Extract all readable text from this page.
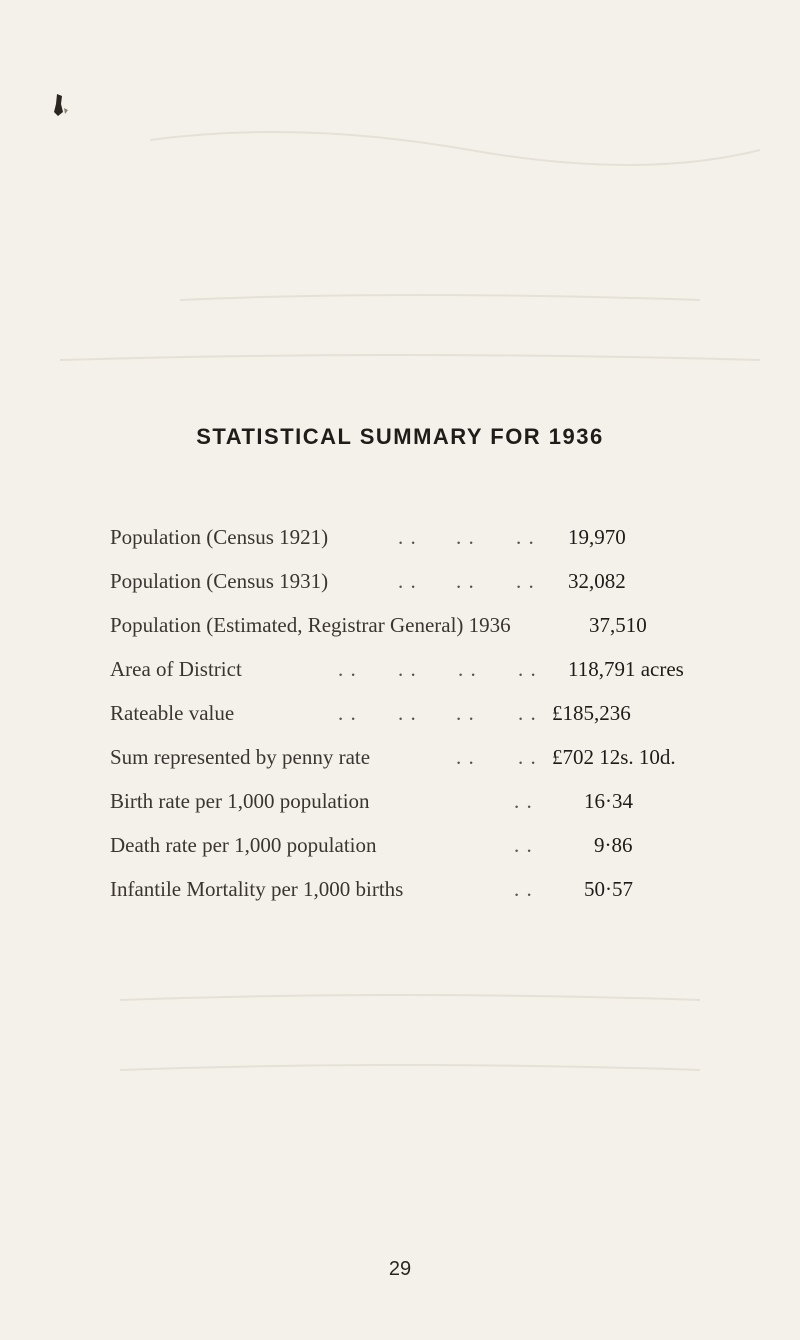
STATISTICAL SUMMARY FOR 1936
Population (Census 1921)	. . . . . . 19,970
Population (Census 1931)	. . . . . . 32,082
Population (Estimated, Registrar General) 1936	37,510
Area of District	. . . . . . . . 118,791 acres
Rateable value	. . . . . . . . £185,236
Sum represented by penny rate	. . . . £702 12s. 10d.
Birth rate per 1,000 population	. . 16·34
Death rate per 1,000 population	. .	9·86
Infantile Mortality per 1,000 births	. . 50·57
29
